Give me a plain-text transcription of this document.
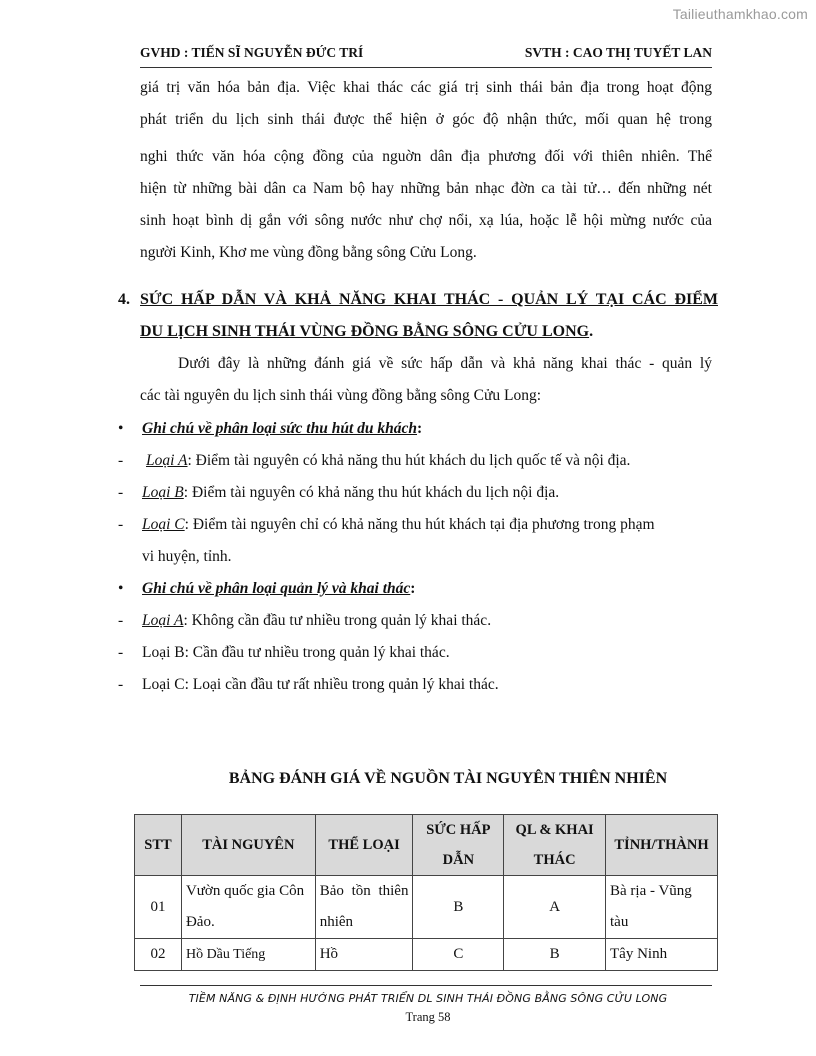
Tailieuthamkhao.com
GVHD : TIẾN SĨ NGUYỄN ĐỨC TRÍ	SVTH : CAO THỊ TUYẾT LAN
giá trị văn hóa bản địa. Việc khai thác các giá trị sinh thái bản địa trong hoạt động
phát triển du lịch sinh thái được thể hiện ở góc độ nhận thức, mối quan hệ trong
nghi thức văn hóa cộng đồng của nguờn dân địa phương đối với thiên nhiên. Thể
hiện từ những bài dân ca Nam bộ hay những bản nhạc đờn ca tài tử… đến những nét
sinh hoạt bình dị gắn với sông nước như chợ nổi, xạ lúa, hoặc lễ hội mừng nước của
người Kinh, Khơ me vùng đồng bằng sông Cửu Long.
4. SỨC HẤP DẪN VÀ KHẢ NĂNG KHAI THÁC - QUẢN LÝ TẠI CÁC ĐIỂM
DU LỊCH SINH THÁI VÙNG ĐỒNG BẰNG SÔNG CỬU LONG.
Dưới đây là những đánh giá về sức hấp dẫn và khả năng khai thác - quản lý
các tài nguyên du lịch sinh thái vùng đồng bằng sông Cửu Long:
•	Ghi chú về phân loại sức thu hút du khách:
- Loại A: Điểm tài nguyên có khả năng thu hút khách du lịch quốc tế và nội địa.
- Loại B: Điểm tài nguyên có khả năng thu hút khách du lịch nội địa.
- Loại C: Điểm tài nguyên chỉ có khả năng thu hút khách tại địa phương trong phạm
vi huyện, tỉnh.
•	Ghi chú về phân loại quản lý và khai thác:
- Loại A: Không cần đầu tư nhiều trong quản lý khai thác.
- Loại B: Cần đầu tư nhiều trong quản lý khai thác.
- Loại C: Loại cần đầu tư rất nhiều trong quản lý khai thác.
BẢNG ĐÁNH GIÁ VỀ NGUỒN TÀI NGUYÊN THIÊN NHIÊN
STT	TÀI NGUYÊN	THỂ LOẠI	SỨC HẤP DẪN	QL & KHAI THÁC	TỈNH/THÀNH
01	Vườn quốc gia Côn Đảo.	Bảo tồn thiên nhiên	B	A	Bà rịa - Vũng tàu
02	Hồ Dầu Tiếng	Hồ	C	B	Tây Ninh
TIỀM NĂNG & ĐỊNH HƯỚNG PHÁT TRIỂN DL SINH THÁI ĐỒNG BẰNG SÔNG CỬU LONG
Trang 58
